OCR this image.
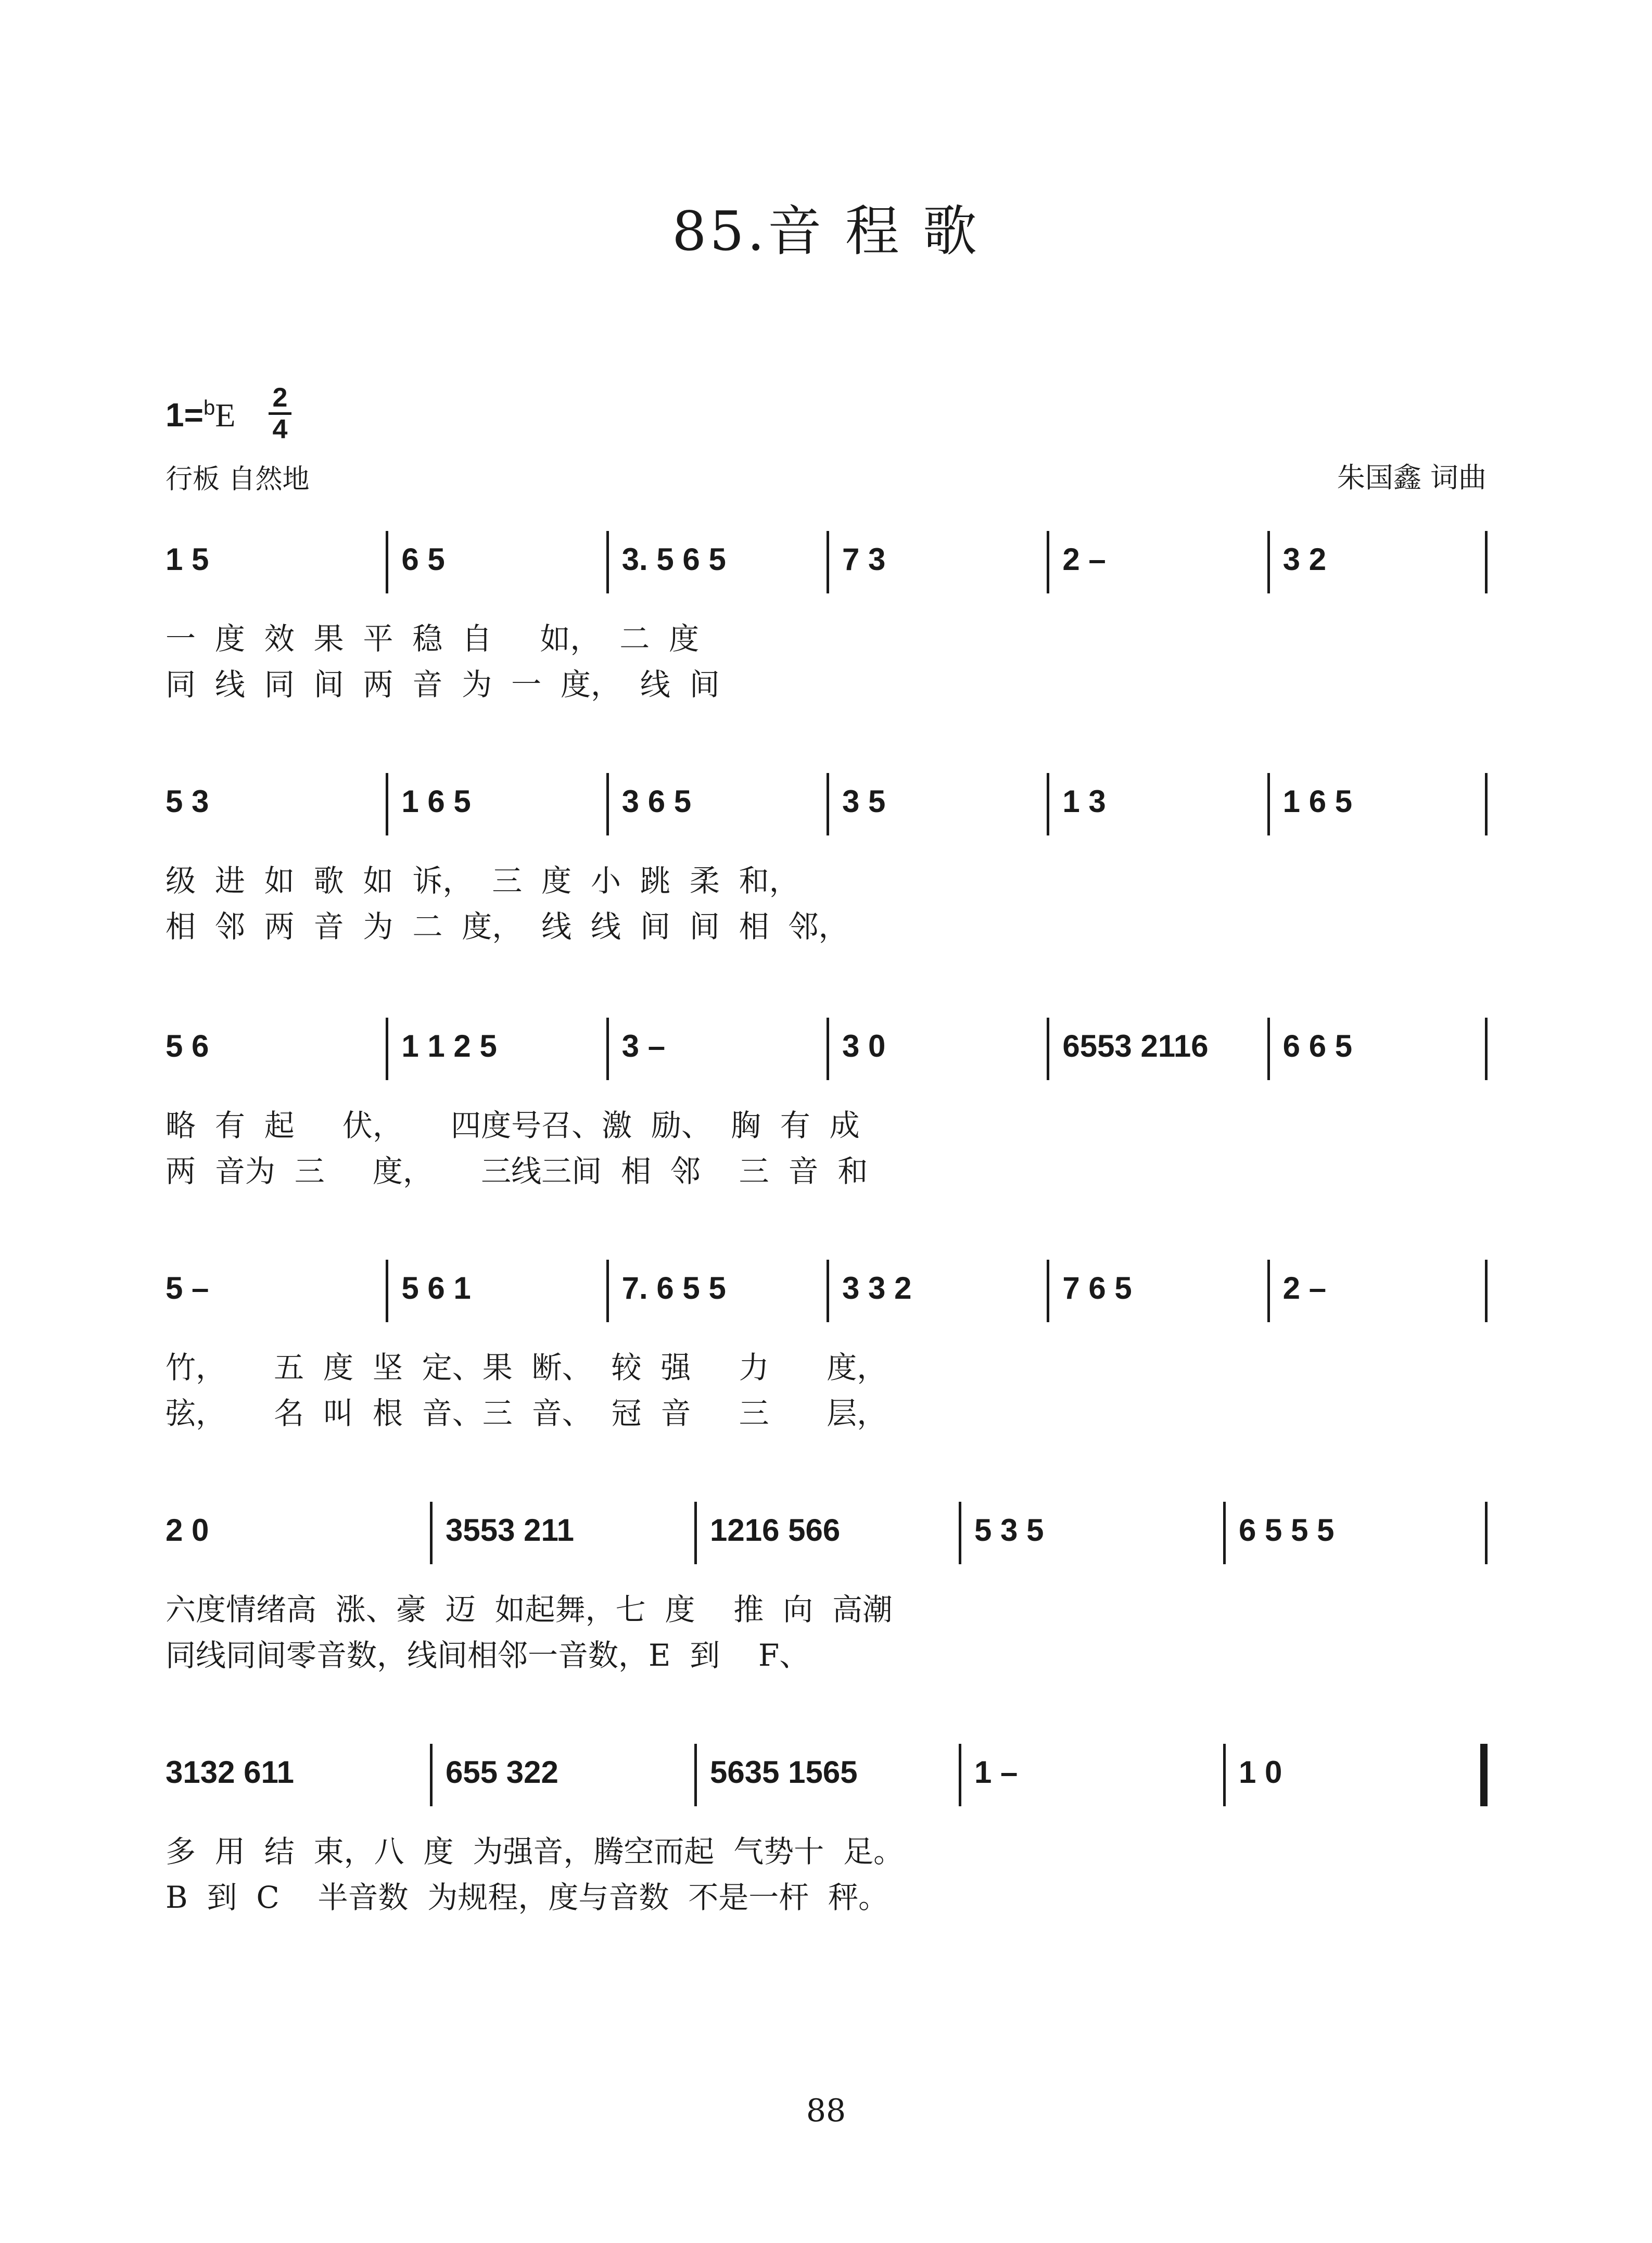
85.音 程 歌
1=$^b$E 2
4
行板 自然地	朱国鑫 词曲
1 5	6 5	3. 5 6 5	7 3	2 –	3 2
一  度  效  果  平  稳  自     如，  二  度
同  线  同  间  两  音  为  一  度，  线  间
5 3	1 6 5	3 6 5	3 5	1 3	1 6 5
级  进  如  歌  如  诉，  三  度  小  跳  柔  和，
相  邻  两  音  为  二  度，  线  线  间  间  相  邻，
5 6	1 1 2 5	3 –	3 0	6553 2116 6 6 5
略  有  起     伏，     四度号召、激  励、  胸  有  成
两  音为  三     度，     三线三间  相  邻    三  音  和
5 –	5 6 1	7. 6 5 5	3 3 2	7 6 5	2 –
竹，     五  度  坚  定、果  断、  较  强     力      度，
弦，     名  叫  根  音、三  音、  冠  音     三      层，
2 0	3553 211	1216 566	5 3 5	6 5 5 5
六度情绪高  涨、豪  迈  如起舞，七  度    推  向  高潮
同线同间零音数，线间相邻一音数，E  到    F、
3132 611	655 322	5635 1565	1 –	1 0
多  用  结  束，八  度  为强音，腾空而起  气势十  足。
B  到  C    半音数  为规程，度与音数  不是一杆  秤。
88
